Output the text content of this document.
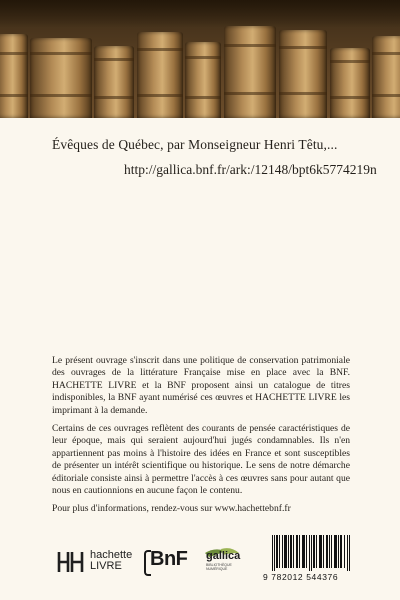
Évêques de Québec, par Monseigneur Henri Têtu,...
http://gallica.bnf.fr/ark:/12148/bpt6k5774219n

Le présent ouvrage s'inscrit dans une politique de conservation patrimoniale des ouvrages de la littérature Française mise en place avec la BNF. HACHETTE LIVRE et la BNF proposent ainsi un catalogue de titres indisponibles, la BNF ayant numérisé ces œuvres et HACHETTE LIVRE les imprimant à la demande.

Certains de ces ouvrages reflètent des courants de pensée caractéristiques de leur époque, mais qui seraient aujourd'hui jugés condamnables. Ils n'en appartiennent pas moins à l'histoire des idées en France et sont susceptibles de présenter un intérêt scientifique ou historique. Le sens de notre démarche éditoriale consiste ainsi à permettre l'accès à ces œuvres sans pour autant que nous en cautionnions en aucune façon le contenu.

Pour plus d'informations, rendez-vous sur www.hachettebnf.fr

hachette
LIVRE	BnF gallica
BIBLIOTHÈQUE NUMÉRIQUE
9 782012 544376
